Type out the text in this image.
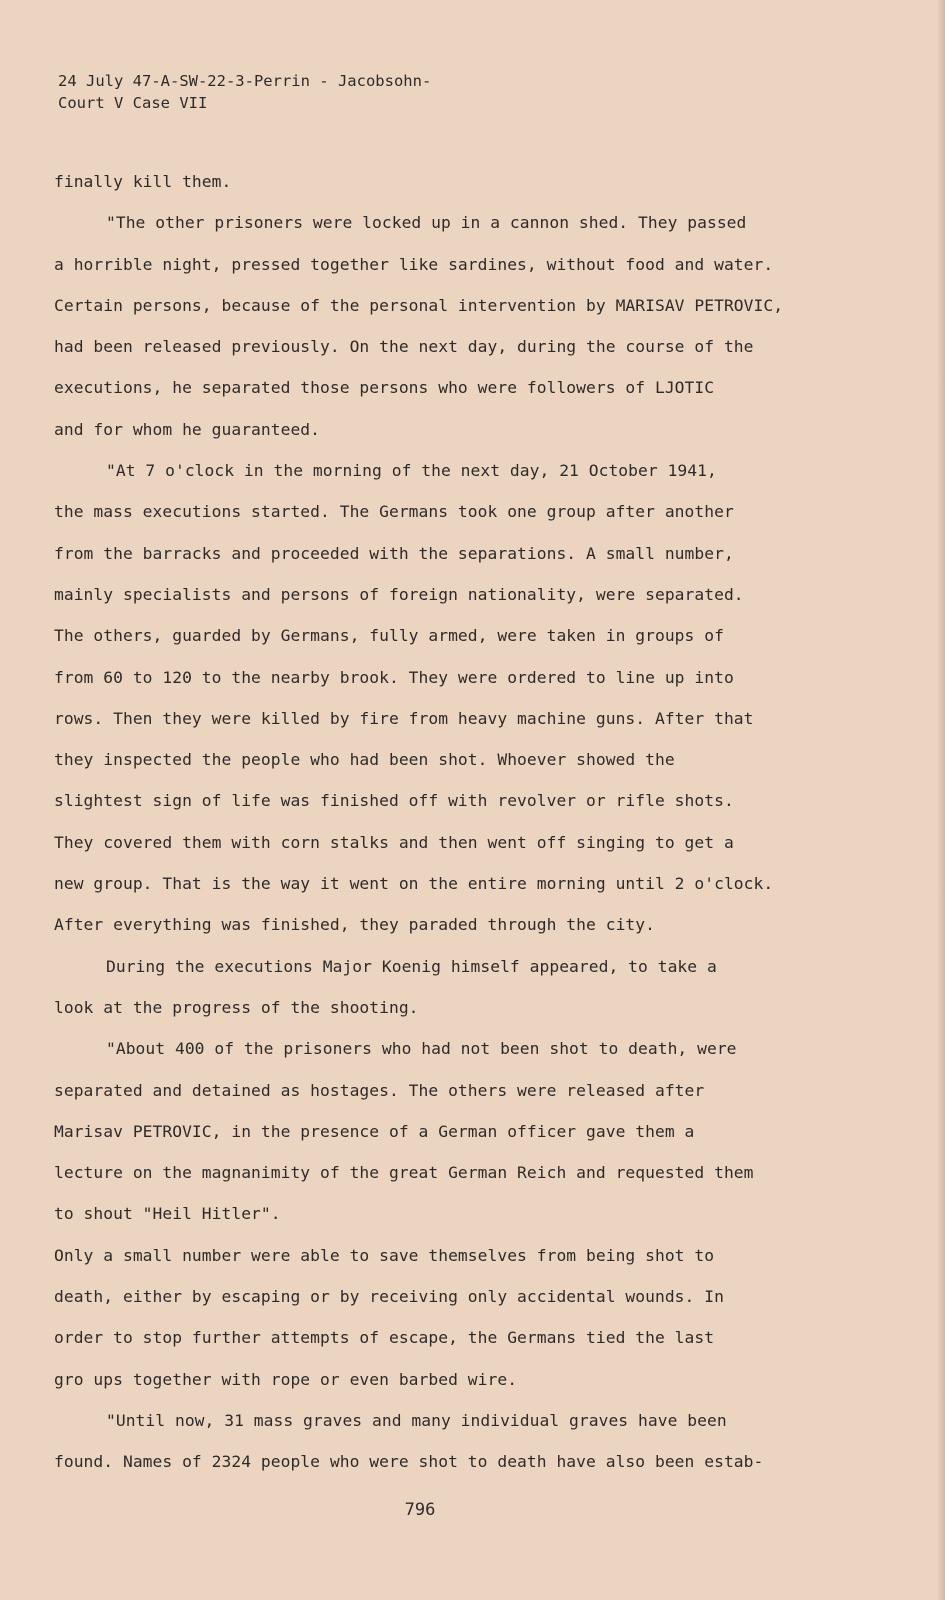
24 July 47-A-SW-22-3-Perrin - Jacobsohn-
Court V Case VII
finally kill them.
"The other prisoners were locked up in a cannon shed. They passed
a horrible night, pressed together like sardines, without food and water.
Certain persons, because of the personal intervention by MARISAV PETROVIC,
had been released previously. On the next day, during the course of the
executions, he separated those persons who were followers of LJOTIC
and for whom he guaranteed.
"At 7 o'clock in the morning of the next day, 21 October 1941,
the mass executions started. The Germans took one group after another
from the barracks and proceeded with the separations. A small number,
mainly specialists and persons of foreign nationality, were separated.
The others, guarded by Germans, fully armed, were taken in groups of
from 60 to 120 to the nearby brook. They were ordered to line up into
rows. Then they were killed by fire from heavy machine guns. After that
they inspected the people who had been shot. Whoever showed the
slightest sign of life was finished off with revolver or rifle shots.
They covered them with corn stalks and then went off singing to get a
new group. That is the way it went on the entire morning until 2 o'clock.
After everything was finished, they paraded through the city.
During the executions Major Koenig himself appeared, to take a
look at the progress of the shooting.
"About 400 of the prisoners who had not been shot to death, were
separated and detained as hostages. The others were released after
Marisav PETROVIC, in the presence of a German officer gave them a
lecture on the magnanimity of the great German Reich and requested them
to shout "Heil Hitler".
Only a small number were able to save themselves from being shot to
death, either by escaping or by receiving only accidental wounds. In
order to stop further attempts of escape, the Germans tied the last
gro ups together with rope or even barbed wire.
"Until now, 31 mass graves and many individual graves have been
found. Names of 2324 people who were shot to death have also been estab-
796
